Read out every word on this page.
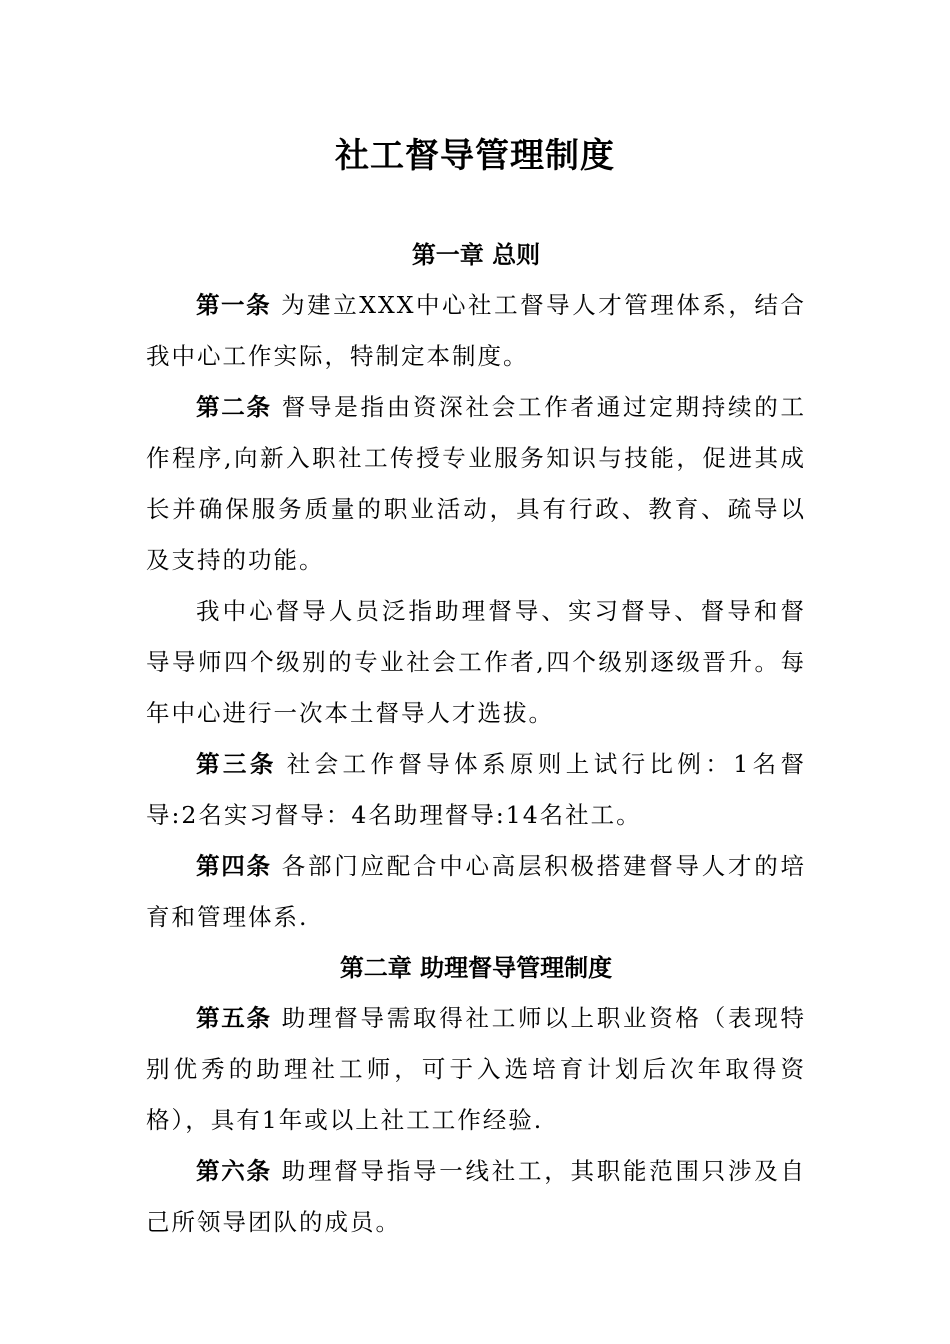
社工督导管理制度
第一章 总则

第一条 为建立XXX中心社工督导人才管理体系，结合我中心工作实际，特制定本制度。

第二条 督导是指由资深社会工作者通过定期持续的工作程序,向新入职社工传授专业服务知识与技能，促进其成长并确保服务质量的职业活动，具有行政、教育、疏导以及支持的功能。

我中心督导人员泛指助理督导、实习督导、督导和督导导师四个级别的专业社会工作者,四个级别逐级晋升。每年中心进行一次本土督导人才选拔。

第三条 社会工作督导体系原则上试行比例：1名督导:2名实习督导：4名助理督导:14名社工。

第四条 各部门应配合中心高层积极搭建督导人才的培育和管理体系.

第二章 助理督导管理制度

第五条 助理督导需取得社工师以上职业资格（表现特别优秀的助理社工师，可于入选培育计划后次年取得资格），具有1年或以上社工工作经验.

第六条 助理督导指导一线社工，其职能范围只涉及自己所领导团队的成员。
